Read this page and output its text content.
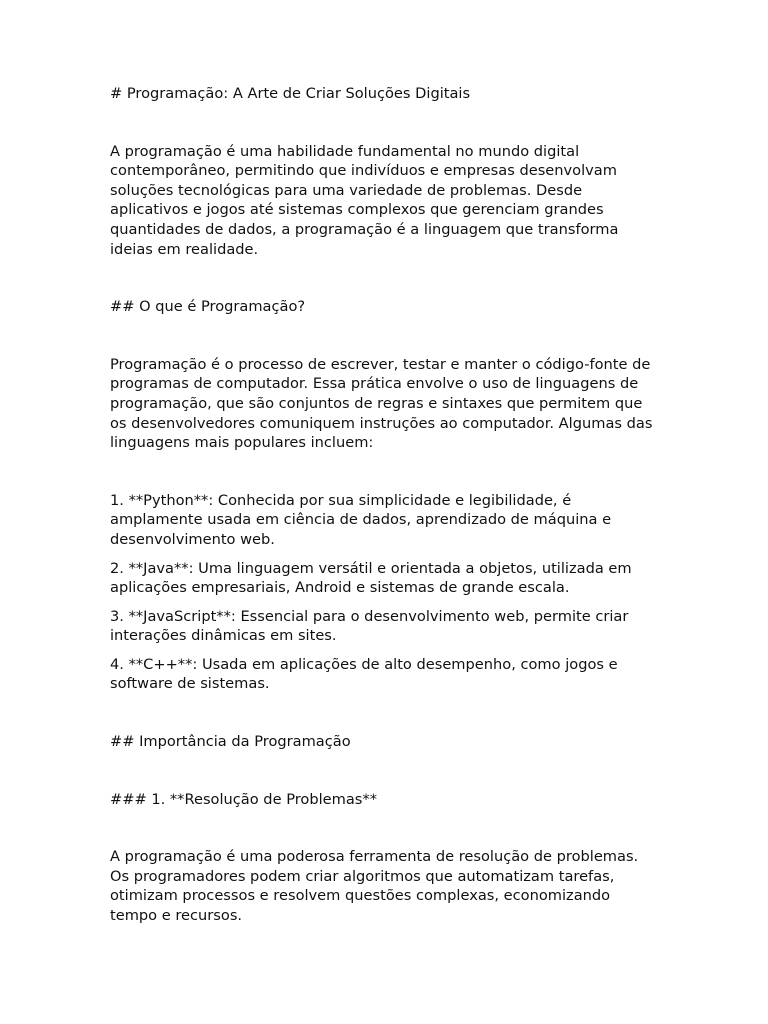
# Programação: A Arte de Criar Soluções Digitais

A programação é uma habilidade fundamental no mundo digital contemporâneo, permitindo que indivíduos e empresas desenvolvam soluções tecnológicas para uma variedade de problemas. Desde aplicativos e jogos até sistemas complexos que gerenciam grandes quantidades de dados, a programação é a linguagem que transforma ideias em realidade.

## O que é Programação?

Programação é o processo de escrever, testar e manter o código-fonte de programas de computador. Essa prática envolve o uso de linguagens de programação, que são conjuntos de regras e sintaxes que permitem que os desenvolvedores comuniquem instruções ao computador. Algumas das linguagens mais populares incluem:

1. **Python**: Conhecida por sua simplicidade e legibilidade, é amplamente usada em ciência de dados, aprendizado de máquina e desenvolvimento web.

2. **Java**: Uma linguagem versátil e orientada a objetos, utilizada em aplicações empresariais, Android e sistemas de grande escala.

3. **JavaScript**: Essencial para o desenvolvimento web, permite criar interações dinâmicas em sites.

4. **C++**: Usada em aplicações de alto desempenho, como jogos e software de sistemas.

## Importância da Programação

### 1. **Resolução de Problemas**

A programação é uma poderosa ferramenta de resolução de problemas. Os programadores podem criar algoritmos que automatizam tarefas, otimizam processos e resolvem questões complexas, economizando tempo e recursos.
